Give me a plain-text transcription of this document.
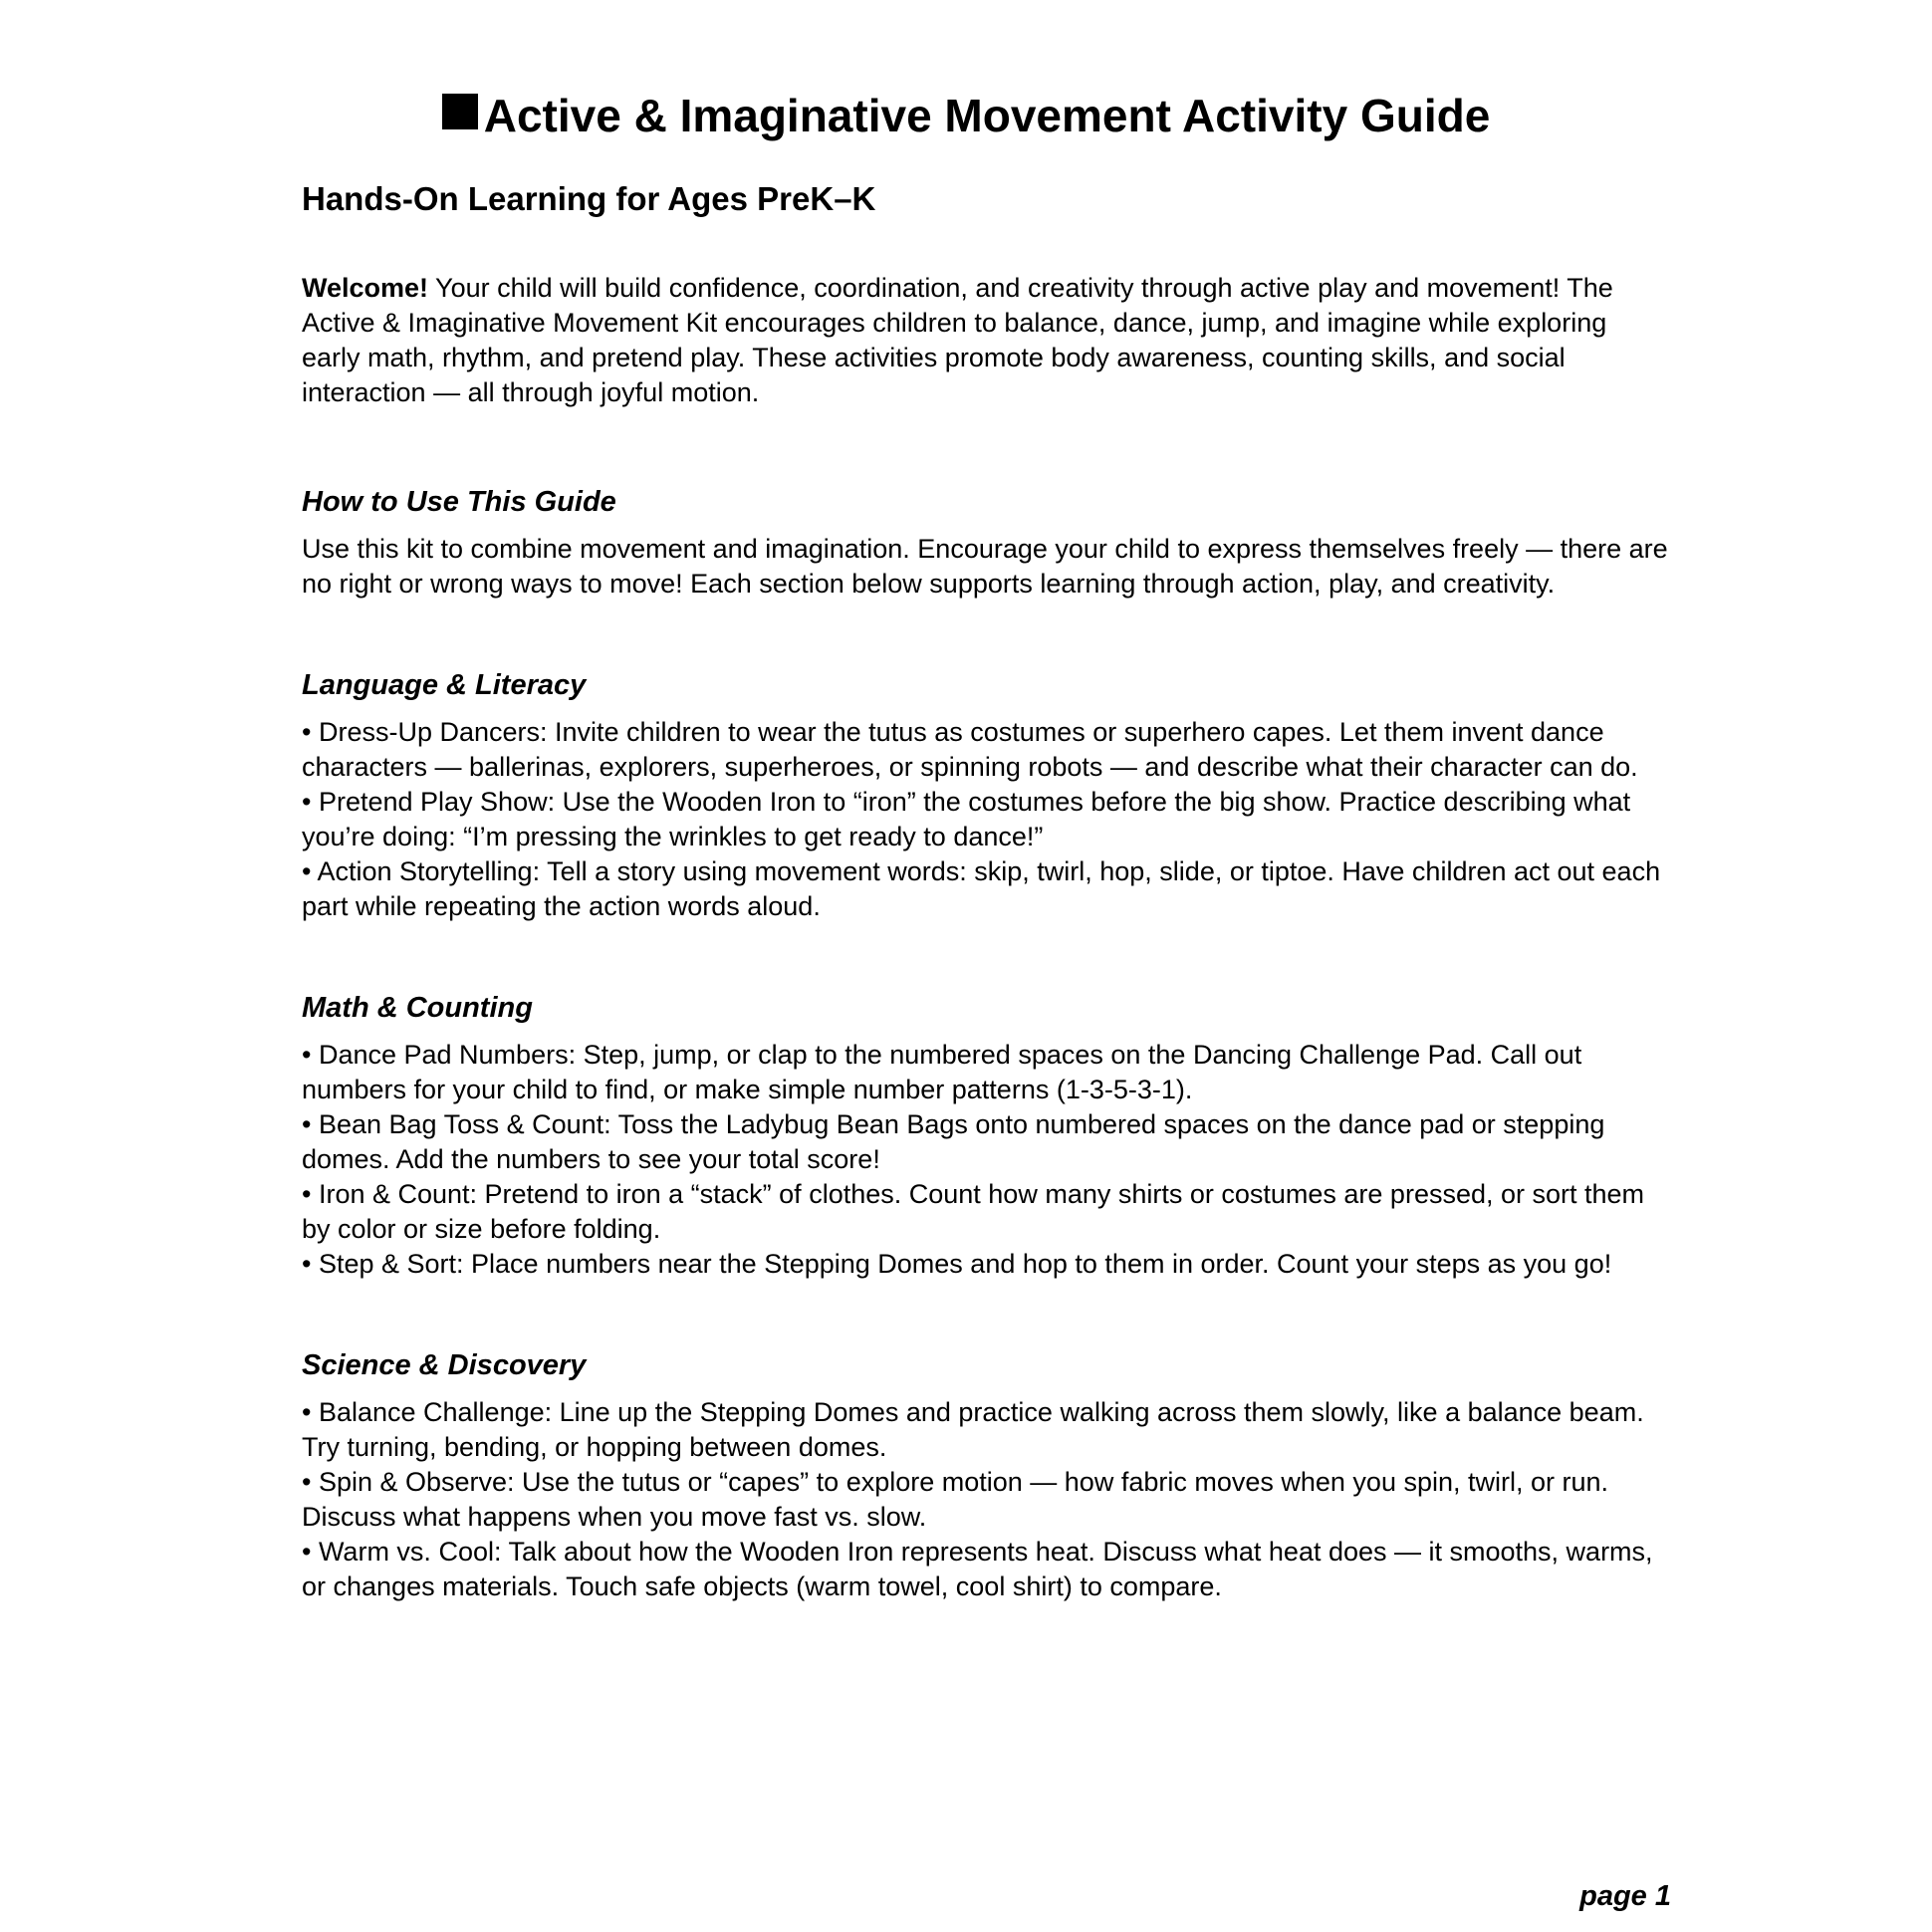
Active & Imaginative Movement Activity Guide
Hands-On Learning for Ages PreK–K

Welcome! Your child will build confidence, coordination, and creativity through active play and movement! The Active & Imaginative Movement Kit encourages children to balance, dance, jump, and imagine while exploring early math, rhythm, and pretend play. These activities promote body awareness, counting skills, and social interaction — all through joyful motion.

How to Use This Guide

Use this kit to combine movement and imagination. Encourage your child to express themselves freely — there are no right or wrong ways to move! Each section below supports learning through action, play, and creativity.

Language & Literacy
• Dress-Up Dancers: Invite children to wear the tutus as costumes or superhero capes. Let them invent dance characters — ballerinas, explorers, superheroes, or spinning robots — and describe what their character can do.
• Pretend Play Show: Use the Wooden Iron to “iron” the costumes before the big show. Practice describing what you’re doing: “I’m pressing the wrinkles to get ready to dance!”
• Action Storytelling: Tell a story using movement words: skip, twirl, hop, slide, or tiptoe. Have children act out each part while repeating the action words aloud.
Math & Counting
• Dance Pad Numbers: Step, jump, or clap to the numbered spaces on the Dancing Challenge Pad. Call out numbers for your child to find, or make simple number patterns (1-3-5-3-1).
• Bean Bag Toss & Count: Toss the Ladybug Bean Bags onto numbered spaces on the dance pad or stepping domes. Add the numbers to see your total score!
• Iron & Count: Pretend to iron a “stack” of clothes. Count how many shirts or costumes are pressed, or sort them by color or size before folding.
• Step & Sort: Place numbers near the Stepping Domes and hop to them in order. Count your steps as you go!
Science & Discovery
• Balance Challenge: Line up the Stepping Domes and practice walking across them slowly, like a balance beam. Try turning, bending, or hopping between domes.
• Spin & Observe: Use the tutus or “capes” to explore motion — how fabric moves when you spin, twirl, or run. Discuss what happens when you move fast vs. slow.
• Warm vs. Cool: Talk about how the Wooden Iron represents heat. Discuss what heat does — it smooths, warms, or changes materials. Touch safe objects (warm towel, cool shirt) to compare.
page 1
